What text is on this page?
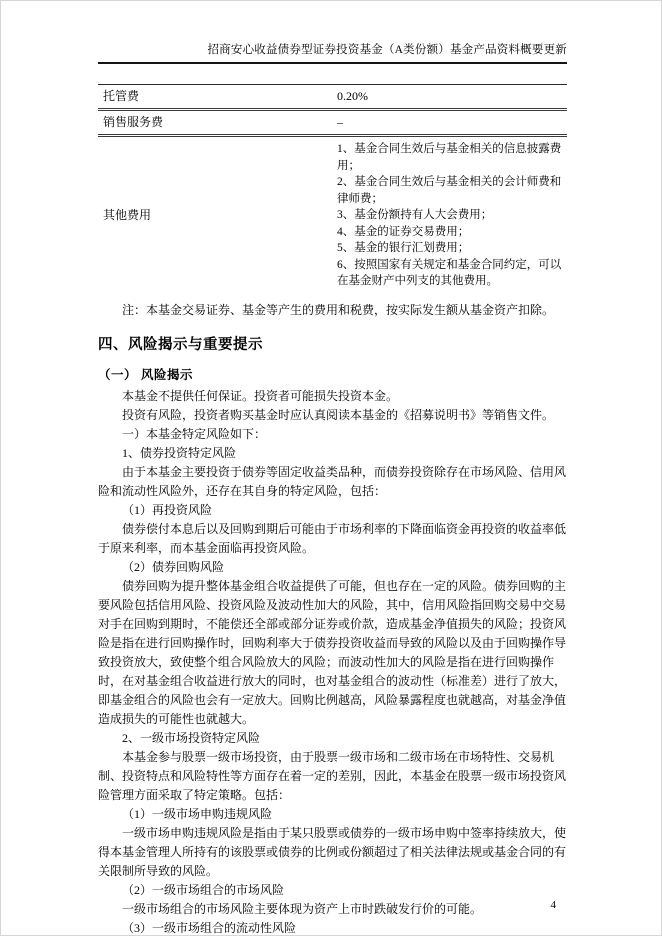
招商安心收益债券型证券投资基金（A类份额）基金产品资料概要更新
托管费	0.20%
销售服务费	–
其他费用
1、基金合同生效后与基金相关的信息披露费用；
2、基金合同生效后与基金相关的会计师费和律师费；
3、基金份额持有人大会费用；
4、基金的证券交易费用；
5、基金的银行汇划费用；
6、按照国家有关规定和基金合同约定，可以在基金财产中列支的其他费用。
注：本基金交易证券、基金等产生的费用和税费，按实际发生额从基金资产扣除。
四、风险揭示与重要提示
（一） 风险揭示

本基金不提供任何保证。投资者可能损失投资本金。

投资有风险，投资者购买基金时应认真阅读本基金的《招募说明书》等销售文件。

一）本基金特定风险如下：

1、债券投资特定风险

由于本基金主要投资于债券等固定收益类品种，而债券投资除存在市场风险、信用风险和流动性风险外，还存在其自身的特定风险，包括：

（1）再投资风险

债券偿付本息后以及回购到期后可能由于市场利率的下降面临资金再投资的收益率低于原来利率，而本基金面临再投资风险。

（2）债券回购风险

债券回购为提升整体基金组合收益提供了可能，但也存在一定的风险。债券回购的主要风险包括信用风险、投资风险及波动性加大的风险，其中，信用风险指回购交易中交易对手在回购到期时，不能偿还全部或部分证券或价款，造成基金净值损失的风险；投资风险是指在进行回购操作时，回购利率大于债券投资收益而导致的风险以及由于回购操作导致投资放大，致使整个组合风险放大的风险；而波动性加大的风险是指在进行回购操作时，在对基金组合收益进行放大的同时，也对基金组合的波动性（标准差）进行了放大，即基金组合的风险也会有一定放大。回购比例越高，风险暴露程度也就越高，对基金净值造成损失的可能性也就越大。

2、一级市场投资特定风险

本基金参与股票一级市场投资，由于股票一级市场和二级市场在市场特性、交易机制、投资特点和风险特性等方面存在着一定的差别，因此，本基金在股票一级市场投资风险管理方面采取了特定策略。包括：

（1）一级市场申购违规风险

一级市场申购违规风险是指由于某只股票或债券的一级市场申购中签率持续放大，使得本基金管理人所持有的该股票或债券的比例或份额超过了相关法律法规或基金合同的有关限制所导致的风险。

（2）一级市场组合的市场风险

一级市场组合的市场风险主要体现为资产上市时跌破发行价的可能。

（3）一级市场组合的流动性风险

4
